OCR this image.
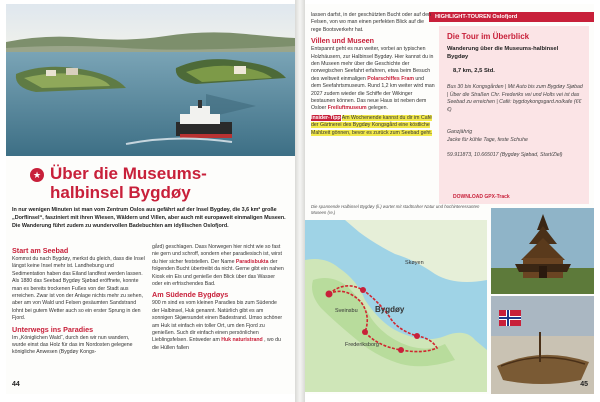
★ Über die Museums-halbinsel Bygdøy
In nur wenigen Minuten ist man vom Zentrum Oslos aus gefährt auf der Insel Bygdøy, die 3,6 km² große „Dorflinsel“, fasziniert mit ihren Wiesen, Wäldern und Villen, aber auch mit europaweit einmaligen Museen. Die Wanderung führt zudem zu wundervollen Badebuchten am idyllischen Oslofjord.
Start am Seebad

Kommst du nach Bygdøy, merkst du gleich, dass die Insel längst keine Insel mehr ist. Landhebung und Sedimentation haben das Eiland landfest werden lassen. Als 1880 das Seebad Bygdøy Sjøbad eröffnete, konnte man es bereits trockenen Fußes von der Stadt aus erreichen. Zwar ist von der Anlage nichts mehr zu sehen, aber am von Wald und Felsen gesäumten Sandstrand lohnt bei gutem Wetter auch so ein erster Sprung in den Fjord.

Unterwegs ins Paradies

Im „Königlichen Wald“, durch den wir nun wandern, wurde einst das Holz für das im Nordosten gelegene königliche Anwesen (Bygdøy Kongs-

gård) geschlagen. Dass Norwegen hier nicht wie so fast nie gern und schroff, sondern eher paradiesisch ist, wirst du hier sicher feststellen. Der Name Paradisbukta der folgenden Bucht übertreibt da nicht. Gerne gibt ein nahen Kiosk ein Eis und genieße den Blick über das Wasser oder ein erfrischendes Bad.

Am Südende Bygdøys

900 m sind es vom kleinen Paradies bis zum Südende der Halbinsel, Huk genannt. Natürlich gibt es am sonnigen Skjærsundet einen Badestrand. Umso schöner am Huk ist einfach ein toller Ort, um den Fjord zu genießen. Such dir einfach einen persönlichen Lieblingsfelsen. Entweder am Huk naturistrand , wo du die Hüllen fallen

44
HIGHLIGHT-TOUREN Oslofjord

lassen darfst, in der geschützten Bucht oder auf den Felsen, von wo man einen perfekten Blick auf die rege Bootsverkehr hat.

Villen und Museen

Entspannt geht es nun weiter, vorbei an typischen Holzhäusern, zur Halbinsel Bygdøy. Hier kannst du in den Museen mehr über die Geschichte der norwegischen Seefahrt erfahren, etwa beim Besuch des weltweit einmaligen Polarschiffes Fram und dem Seefahrtsmuseum. Rund 1,2 km weiter wird man 2027 zudem wieder die Schiffe der Wikinger bestaunen können. Das neue Haus ist neben dem Osloer Freiluftmuseum gelegen.

Insider-Tipp Am Wochenende kannst du dir im Café der Gärtnerei des Bygdøy Kongsgård eine köstliche Mahlzeit gönnen, bevor es zurück zum Seebad geht.

Die Tour im Überblick
Wanderung über die Museums-halbinsel Bygdøy
8,7 km, 2,5 Std.
Bus 30 bis Kongsgården | Mit Auto bis zum Bygdøy Sjøbad | Über die Straßen Chr. Frederiks vei und Holts vei ist das Seebad zu erreichen | Café: bygdoykongsgard.no/kafe (€€€)
Ganzjährig
Jacke für kühle Tage, feste Schuhe
59.911873, 10.665017 (Bygdøy Sjøbad, Start/Ziel)
DOWNLOAD GPX-Track
Die spannende Halbinsel Bygdøy (li.) wartet mit stadtnaher Natur und hochinteressanten Museen (re.)
Bygdøy
Frederiksborg
Skøyen
Sveinsbu
45
